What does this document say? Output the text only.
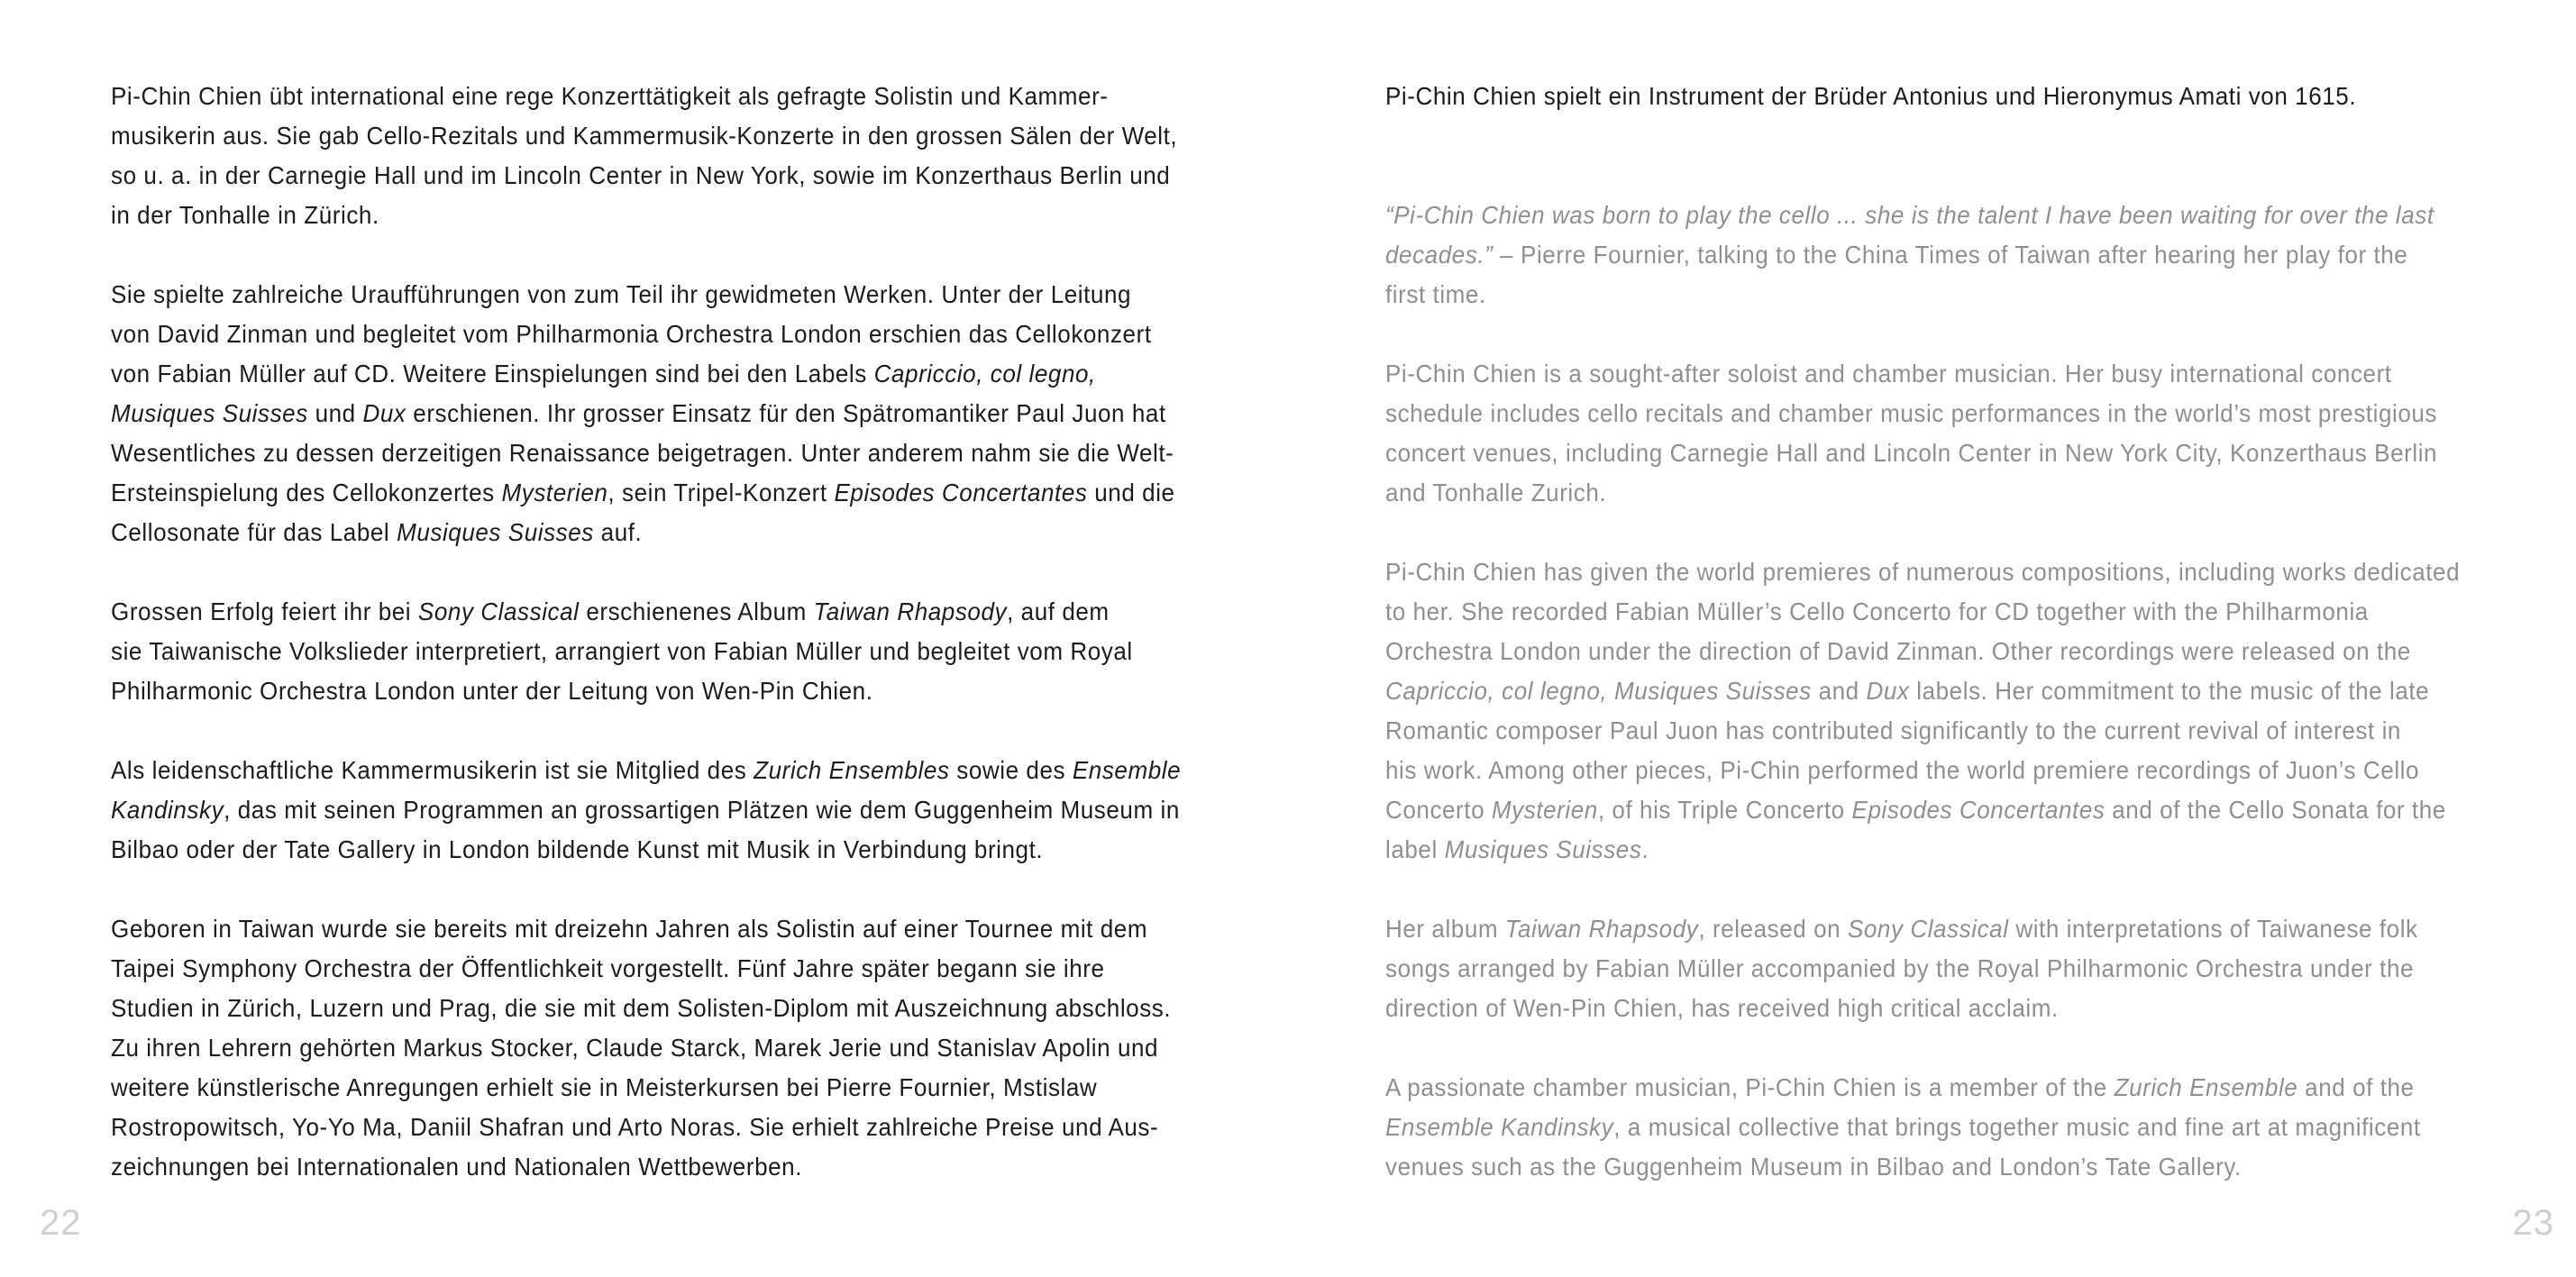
Pi-Chin Chien übt international eine rege Konzerttätigkeit als gefragte Solistin und Kammer-
musikerin aus. Sie gab Cello-Rezitals und Kammermusik-Konzerte in den grossen Sälen der Welt,
so u. a. in der Carnegie Hall und im Lincoln Center in New York, sowie im Konzerthaus Berlin und
in der Tonhalle in Zürich.

Sie spielte zahlreiche Uraufführungen von zum Teil ihr gewidmeten Werken. Unter der Leitung
von David Zinman und begleitet vom Philharmonia Orchestra London erschien das Cellokonzert
von Fabian Müller auf CD. Weitere Einspielungen sind bei den Labels Capriccio, col legno,
Musiques Suisses und Dux erschienen. Ihr grosser Einsatz für den Spätromantiker Paul Juon hat
Wesentliches zu dessen derzeitigen Renaissance beigetragen. Unter anderem nahm sie die Welt-
Ersteinspielung des Cellokonzertes Mysterien, sein Tripel-Konzert Episodes Concertantes und die
Cellosonate für das Label Musiques Suisses auf.

Grossen Erfolg feiert ihr bei Sony Classical erschienenes Album Taiwan Rhapsody, auf dem
sie Taiwanische Volkslieder interpretiert, arrangiert von Fabian Müller und begleitet vom Royal
Philharmonic Orchestra London unter der Leitung von Wen-Pin Chien.

Als leidenschaftliche Kammermusikerin ist sie Mitglied des Zurich Ensembles sowie des Ensemble
Kandinsky, das mit seinen Programmen an grossartigen Plätzen wie dem Guggenheim Museum in
Bilbao oder der Tate Gallery in London bildende Kunst mit Musik in Verbindung bringt.

Geboren in Taiwan wurde sie bereits mit dreizehn Jahren als Solistin auf einer Tournee mit dem
Taipei Symphony Orchestra der Öffentlichkeit vorgestellt. Fünf Jahre später begann sie ihre
Studien in Zürich, Luzern und Prag, die sie mit dem Solisten-Diplom mit Auszeichnung abschloss.
Zu ihren Lehrern gehörten Markus Stocker, Claude Starck, Marek Jerie und Stanislav Apolin und
weitere künstlerische Anregungen erhielt sie in Meisterkursen bei Pierre Fournier, Mstislaw
Rostropowitsch, Yo-Yo Ma, Daniil Shafran und Arto Noras. Sie erhielt zahlreiche Preise und Aus-
zeichnungen bei Internationalen und Nationalen Wettbewerben.

22

Pi-Chin Chien spielt ein Instrument der Brüder Antonius und Hieronymus Amati von 1615.

“Pi-Chin Chien was born to play the cello ... she is the talent I have been waiting for over the last
decades.” – Pierre Fournier, talking to the China Times of Taiwan after hearing her play for the
first time.

Pi-Chin Chien is a sought-after soloist and chamber musician. Her busy international concert
schedule includes cello recitals and chamber music performances in the world’s most prestigious
concert venues, including Carnegie Hall and Lincoln Center in New York City, Konzerthaus Berlin
and Tonhalle Zurich.

Pi-Chin Chien has given the world premieres of numerous compositions, including works dedicated
to her. She recorded Fabian Müller’s Cello Concerto for CD together with the Philharmonia
Orchestra London under the direction of David Zinman. Other recordings were released on the
Capriccio, col legno, Musiques Suisses and Dux labels. Her commitment to the music of the late
Romantic composer Paul Juon has contributed significantly to the current revival of interest in
his work. Among other pieces, Pi-Chin performed the world premiere recordings of Juon’s Cello
Concerto Mysterien, of his Triple Concerto Episodes Concertantes and of the Cello Sonata for the
label Musiques Suisses.

Her album Taiwan Rhapsody, released on Sony Classical with interpretations of Taiwanese folk
songs arranged by Fabian Müller accompanied by the Royal Philharmonic Orchestra under the
direction of Wen-Pin Chien, has received high critical acclaim.

A passionate chamber musician, Pi-Chin Chien is a member of the Zurich Ensemble and of the
Ensemble Kandinsky, a musical collective that brings together music and fine art at magnificent
venues such as the Guggenheim Museum in Bilbao and London’s Tate Gallery.

23
